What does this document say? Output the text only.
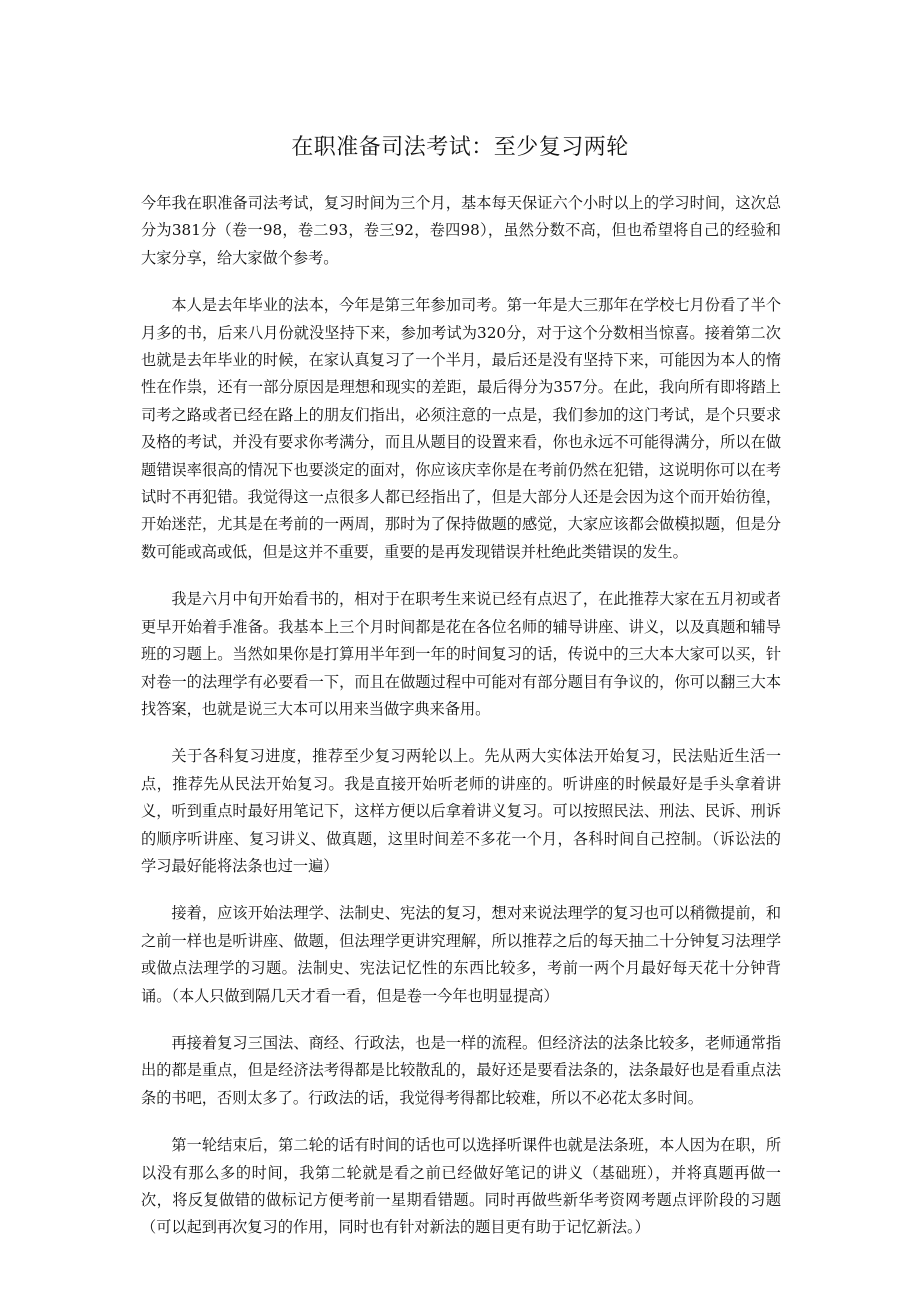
在职准备司法考试：至少复习两轮

今年我在职准备司法考试，复习时间为三个月，基本每天保证六个小时以上的学习时间，这次总分为381分（卷一98，卷二93，卷三92，卷四98），虽然分数不高，但也希望将自己的经验和大家分享，给大家做个参考。

本人是去年毕业的法本，今年是第三年参加司考。第一年是大三那年在学校七月份看了半个月多的书，后来八月份就没坚持下来，参加考试为320分，对于这个分数相当惊喜。接着第二次也就是去年毕业的时候，在家认真复习了一个半月，最后还是没有坚持下来，可能因为本人的惰性在作祟，还有一部分原因是理想和现实的差距，最后得分为357分。在此，我向所有即将踏上司考之路或者已经在路上的朋友们指出，必须注意的一点是，我们参加的这门考试，是个只要求及格的考试，并没有要求你考满分，而且从题目的设置来看，你也永远不可能得满分，所以在做题错误率很高的情况下也要淡定的面对，你应该庆幸你是在考前仍然在犯错，这说明你可以在考试时不再犯错。我觉得这一点很多人都已经指出了，但是大部分人还是会因为这个而开始彷徨，开始迷茫，尤其是在考前的一两周，那时为了保持做题的感觉，大家应该都会做模拟题，但是分数可能或高或低，但是这并不重要，重要的是再发现错误并杜绝此类错误的发生。

我是六月中旬开始看书的，相对于在职考生来说已经有点迟了，在此推荐大家在五月初或者更早开始着手准备。我基本上三个月时间都是花在各位名师的辅导讲座、讲义，以及真题和辅导班的习题上。当然如果你是打算用半年到一年的时间复习的话，传说中的三大本大家可以买，针对卷一的法理学有必要看一下，而且在做题过程中可能对有部分题目有争议的，你可以翻三大本找答案，也就是说三大本可以用来当做字典来备用。

关于各科复习进度，推荐至少复习两轮以上。先从两大实体法开始复习，民法贴近生活一点，推荐先从民法开始复习。我是直接开始听老师的讲座的。听讲座的时候最好是手头拿着讲义，听到重点时最好用笔记下，这样方便以后拿着讲义复习。可以按照民法、刑法、民诉、刑诉的顺序听讲座、复习讲义、做真题，这里时间差不多花一个月，各科时间自己控制。（诉讼法的学习最好能将法条也过一遍）

接着，应该开始法理学、法制史、宪法的复习，想对来说法理学的复习也可以稍微提前，和之前一样也是听讲座、做题，但法理学更讲究理解，所以推荐之后的每天抽二十分钟复习法理学或做点法理学的习题。法制史、宪法记忆性的东西比较多，考前一两个月最好每天花十分钟背诵。（本人只做到隔几天才看一看，但是卷一今年也明显提高）

再接着复习三国法、商经、行政法，也是一样的流程。但经济法的法条比较多，老师通常指出的都是重点，但是经济法考得都是比较散乱的，最好还是要看法条的，法条最好也是看重点法条的书吧，否则太多了。行政法的话，我觉得考得都比较难，所以不必花太多时间。

第一轮结束后，第二轮的话有时间的话也可以选择听课件也就是法条班，本人因为在职，所以没有那么多的时间，我第二轮就是看之前已经做好笔记的讲义（基础班），并将真题再做一次，将反复做错的做标记方便考前一星期看错题。同时再做些新华考资网考题点评阶段的习题（可以起到再次复习的作用，同时也有针对新法的题目更有助于记忆新法。）
